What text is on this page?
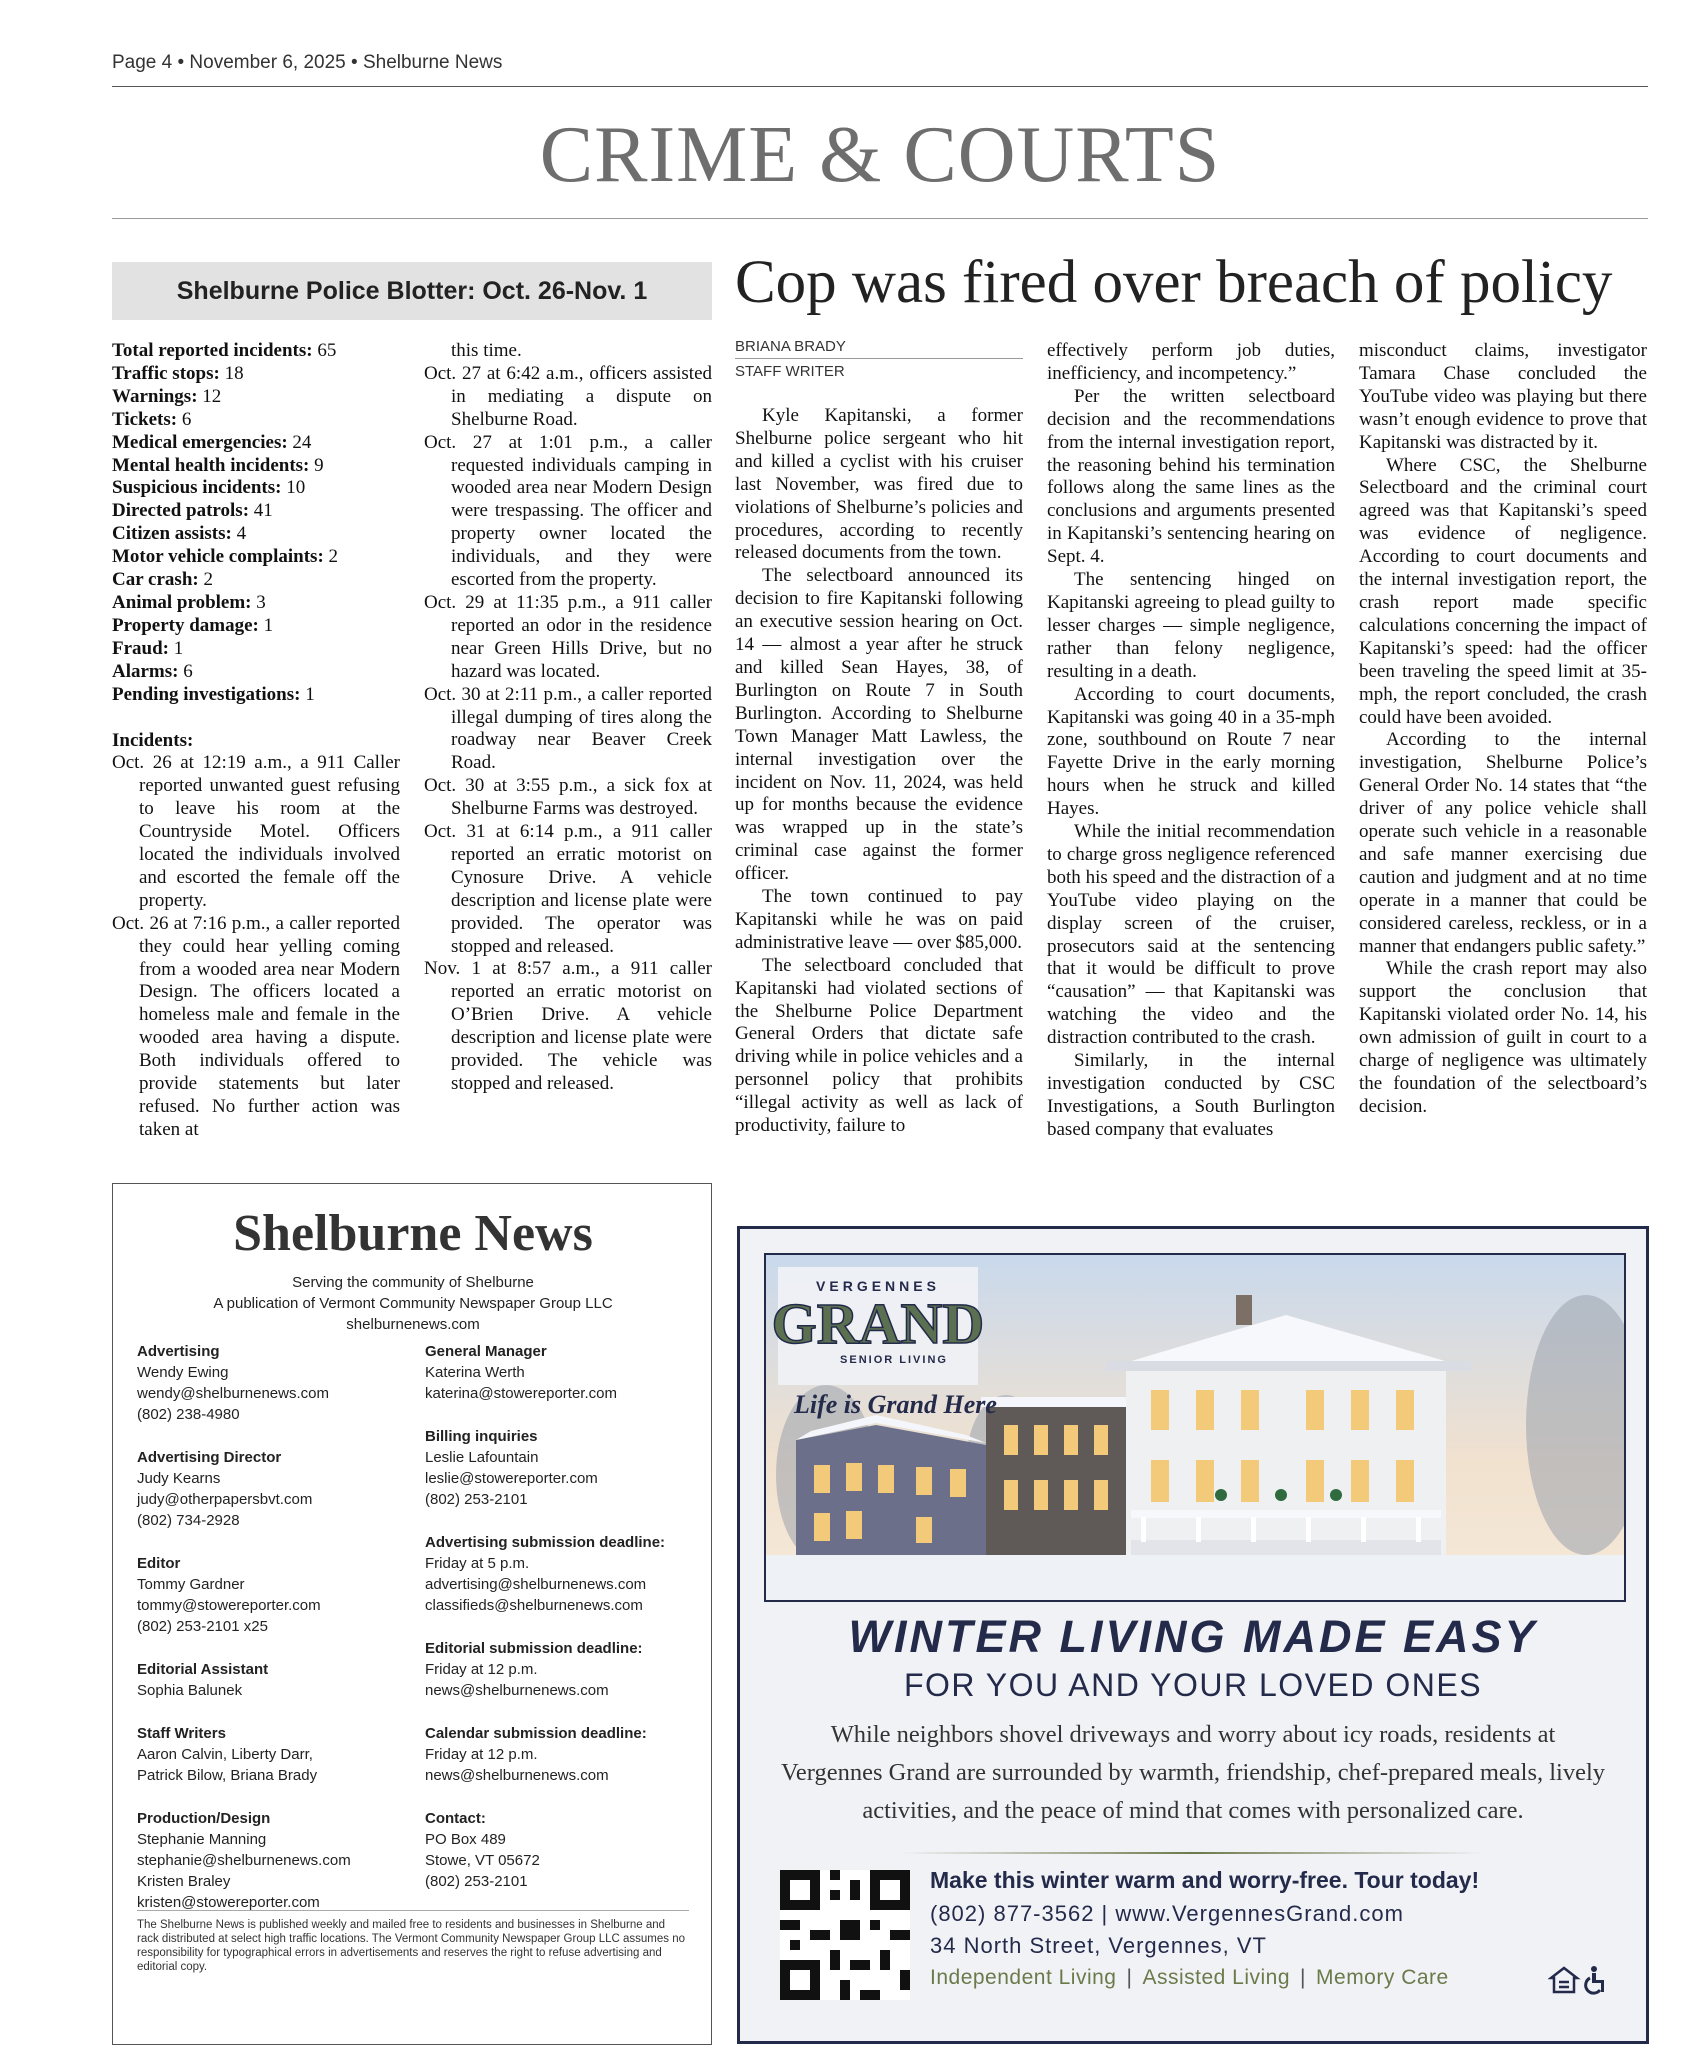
Page 4 • November 6, 2025 • Shelburne News
CRIME & COURTS
Shelburne Police Blotter: Oct. 26-Nov. 1
Total reported incidents: 65
Traffic stops: 18
Warnings: 12
Tickets: 6
Medical emergencies: 24
Mental health incidents: 9
Suspicious incidents: 10
Directed patrols: 41
Citizen assists: 4
Motor vehicle complaints: 2
Car crash: 2
Animal problem: 3
Property damage: 1
Fraud: 1
Alarms: 6
Pending investigations: 1
Incidents:

Oct. 26 at 12:19 a.m., a 911 Caller reported unwanted guest refusing to leave his room at the Countryside Motel. Officers located the individuals involved and escorted the female off the property.

Oct. 26 at 7:16 p.m., a caller reported they could hear yelling coming from a wooded area near Modern Design. The officers located a homeless male and female in the wooded area having a dispute. Both individuals offered to provide statements but later refused. No further action was taken at

this time.

Oct. 27 at 6:42 a.m., officers assisted in mediating a dispute on Shelburne Road.

Oct. 27 at 1:01 p.m., a caller requested individuals camping in wooded area near Modern Design were trespassing. The officer and property owner located the individuals, and they were escorted from the property.

Oct. 29 at 11:35 p.m., a 911 caller reported an odor in the residence near Green Hills Drive, but no hazard was located.

Oct. 30 at 2:11 p.m., a caller reported illegal dumping of tires along the roadway near Beaver Creek Road.

Oct. 30 at 3:55 p.m., a sick fox at Shelburne Farms was destroyed.

Oct. 31 at 6:14 p.m., a 911 caller reported an erratic motorist on Cynosure Drive. A vehicle description and license plate were provided. The operator was stopped and released.

Nov. 1 at 8:57 a.m., a 911 caller reported an erratic motorist on O’Brien Drive. A vehicle description and license plate were provided. The vehicle was stopped and released.

Cop was fired over breach of policy
BRIANA BRADY
STAFF WRITER

Kyle Kapitanski, a former Shelburne police sergeant who hit and killed a cyclist with his cruiser last November, was fired due to violations of Shelburne’s policies and procedures, according to recently released documents from the town.

The selectboard announced its decision to fire Kapitanski following an executive session hearing on Oct. 14 — almost a year after he struck and killed Sean Hayes, 38, of Burlington on Route 7 in South Burlington. According to Shelburne Town Manager Matt Lawless, the internal investigation over the incident on Nov. 11, 2024, was held up for months because the evidence was wrapped up in the state’s criminal case against the former officer.

The town continued to pay Kapitanski while he was on paid administrative leave — over $85,000.

The selectboard concluded that Kapitanski had violated sections of the Shelburne Police Department General Orders that dictate safe driving while in police vehicles and a personnel policy that prohibits “illegal activity as well as lack of productivity, failure to

effectively perform job duties, inefficiency, and incompetency.”

Per the written selectboard decision and the recommendations from the internal investigation report, the reasoning behind his termination follows along the same lines as the conclusions and arguments presented in Kapitanski’s sentencing hearing on Sept. 4.

The sentencing hinged on Kapitanski agreeing to plead guilty to lesser charges — simple negligence, rather than felony negligence, resulting in a death.

According to court documents, Kapitanski was going 40 in a 35-mph zone, southbound on Route 7 near Fayette Drive in the early morning hours when he struck and killed Hayes.

While the initial recommendation to charge gross negligence referenced both his speed and the distraction of a YouTube video playing on the display screen of the cruiser, prosecutors said at the sentencing that it would be difficult to prove “causation” — that Kapitanski was watching the video and the distraction contributed to the crash.

Similarly, in the internal investigation conducted by CSC Investigations, a South Burlington based company that evaluates

misconduct claims, investigator Tamara Chase concluded the YouTube video was playing but there wasn’t enough evidence to prove that Kapitanski was distracted by it.

Where CSC, the Shelburne Selectboard and the criminal court agreed was that Kapitanski’s speed was evidence of negligence. According to court documents and the internal investigation report, the crash report made specific calculations concerning the impact of Kapitanski’s speed: had the officer been traveling the speed limit at 35-mph, the report concluded, the crash could have been avoided.

According to the internal investigation, Shelburne Police’s General Order No. 14 states that “the driver of any police vehicle shall operate such vehicle in a reasonable and safe manner exercising due caution and judgment and at no time operate in a manner that could be considered careless, reckless, or in a manner that endangers public safety.”

While the crash report may also support the conclusion that Kapitanski violated order No. 14, his own admission of guilt in court to a charge of negligence was ultimately the foundation of the selectboard’s decision.

Shelburne News
Serving the community of Shelburne
A publication of Vermont Community Newspaper Group LLC
shelburnenews.com
Advertising
Wendy Ewing
wendy@shelburnenews.com
(802) 238-4980
Advertising Director
Judy Kearns
judy@otherpapersbvt.com
(802) 734-2928
Editor
Tommy Gardner
tommy@stowereporter.com
(802) 253-2101 x25
Editorial Assistant
Sophia Balunek
Staff Writers
Aaron Calvin, Liberty Darr,
Patrick Bilow, Briana Brady
Production/Design
Stephanie Manning
stephanie@shelburnenews.com
Kristen Braley
kristen@stowereporter.com
General Manager
Katerina Werth
katerina@stowereporter.com
Billing inquiries
Leslie Lafountain
leslie@stowereporter.com
(802) 253-2101
Advertising submission deadline:
Friday at 5 p.m.
advertising@shelburnenews.com
classifieds@shelburnenews.com
Editorial submission deadline:
Friday at 12 p.m.
news@shelburnenews.com
Calendar submission deadline:
Friday at 12 p.m.
news@shelburnenews.com
Contact:
PO Box 489
Stowe, VT 05672
(802) 253-2101
The Shelburne News is published weekly and mailed free to residents and businesses in Shelburne and rack distributed at select high traffic locations. The Vermont Community Newspaper Group LLC assumes no responsibility for typographical errors in advertisements and reserves the right to refuse advertising and editorial copy.
VERGENNES
GRAND
SENIOR LIVING
Life is Grand Here
WINTER LIVING MADE EASY
FOR YOU AND YOUR LOVED ONES
While neighbors shovel driveways and worry about icy roads, residents at Vergennes Grand are surrounded by warmth, friendship, chef-prepared meals, lively activities, and the peace of mind that comes with personalized care.
Make this winter warm and worry-free. Tour today!
(802) 877-3562 | www.VergennesGrand.com
34 North Street, Vergennes, VT
Independent Living | Assisted Living | Memory Care
